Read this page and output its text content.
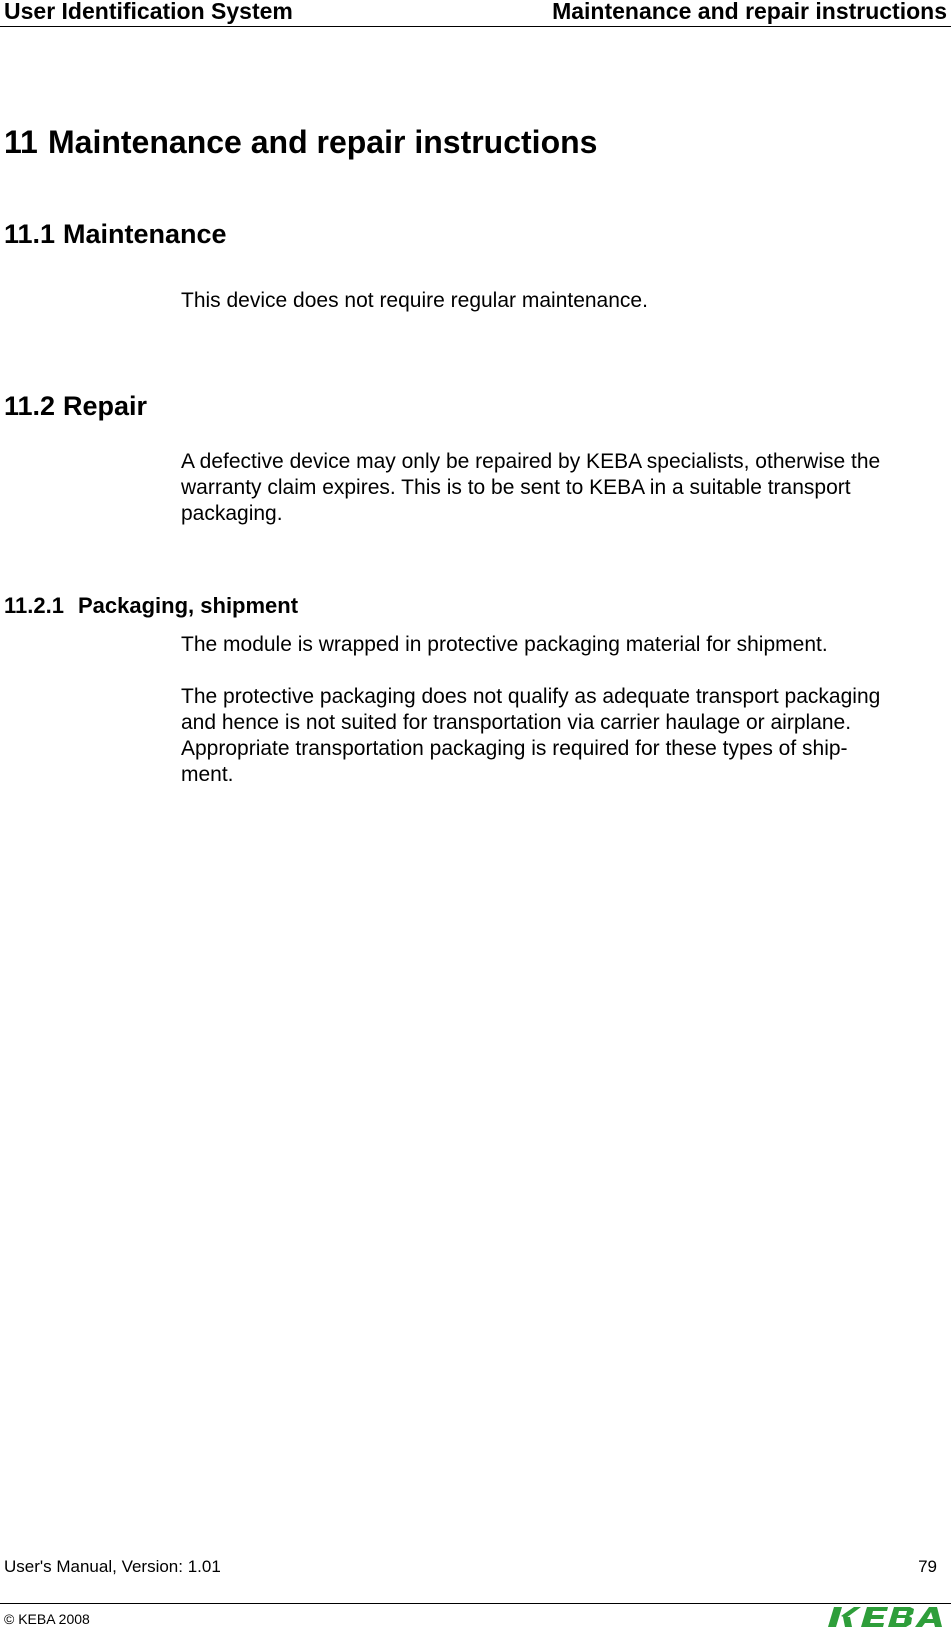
User Identification System	Maintenance and repair instructions
11 Maintenance and repair instructions
11.1 Maintenance
This device does not require regular maintenance.
11.2 Repair
A defective device may only be repaired by KEBA specialists, otherwise the
warranty claim expires. This is to be sent to KEBA in a suitable transport
packaging.
11.2.1 Packaging, shipment
The module is wrapped in protective packaging material for shipment.
The protective packaging does not qualify as adequate transport packaging
and hence is not suited for transportation via carrier haulage or airplane.
Appropriate transportation packaging is required for these types of ship-
ment.
User's Manual, Version: 1.01	79
© KEBA 2008
